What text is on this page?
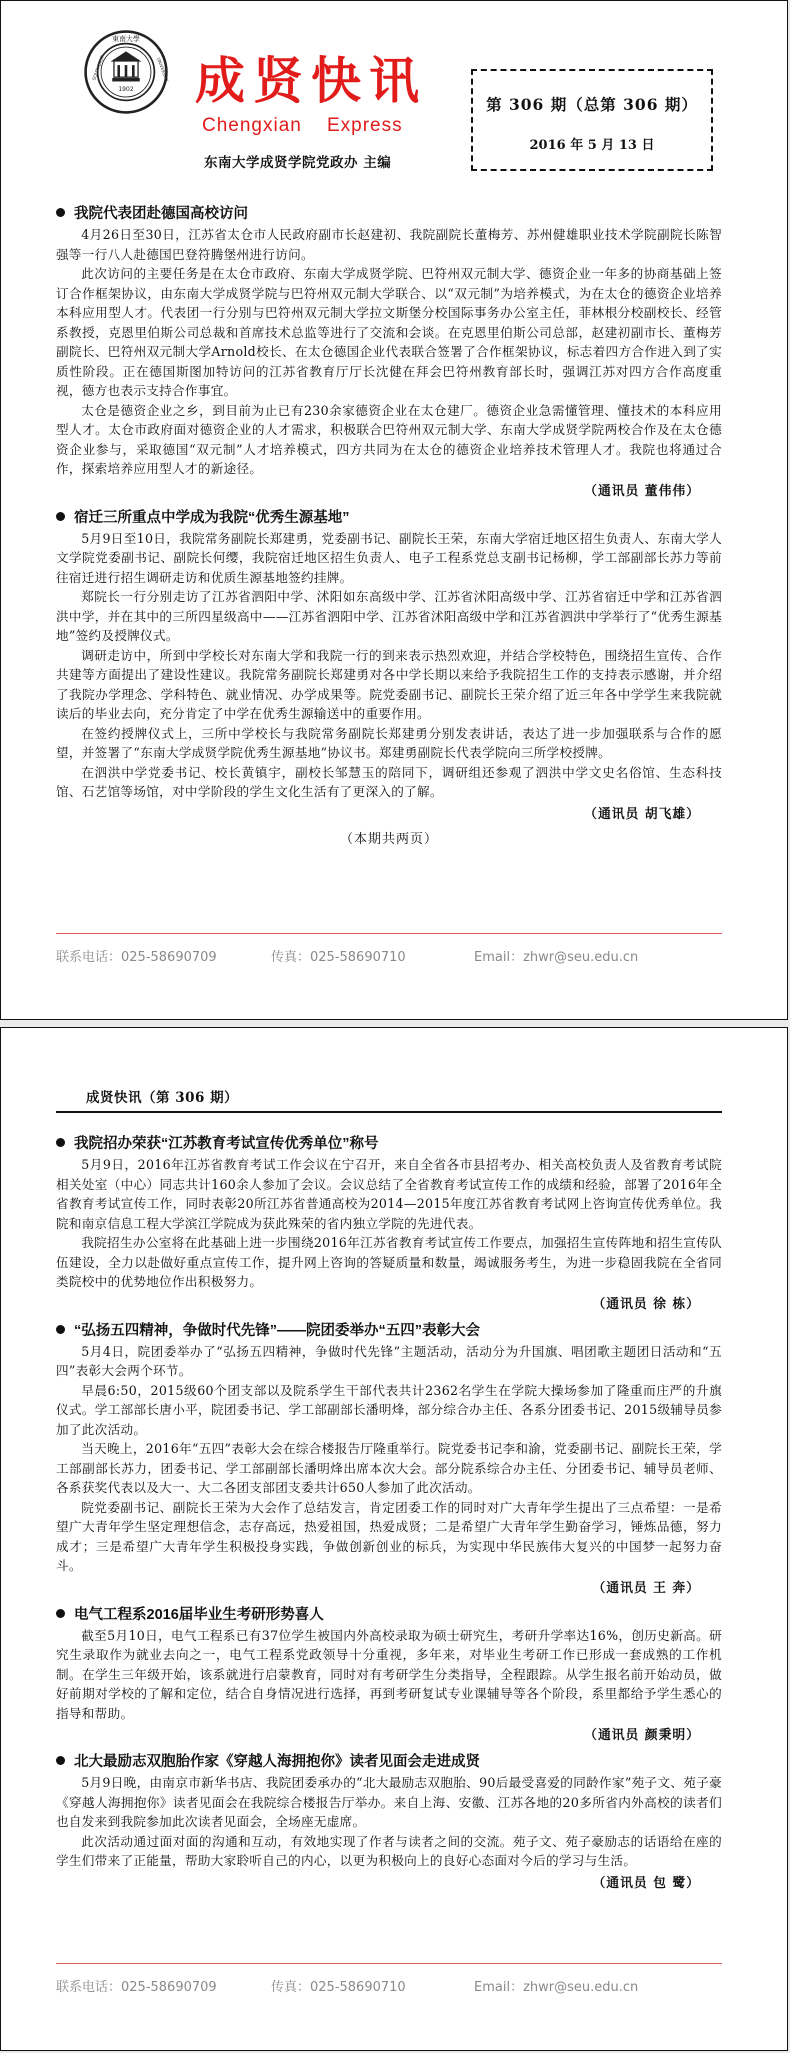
東南大學
SOUTHEAST	UNIVERSITY
1902 成贤快讯
Chengxian    Express
东南大学成贤学院党政办 主编
第 306 期（总第 306 期）
2016 年 5 月 13 日
我院代表团赴德国高校访问

4月26日至30日，江苏省太仓市人民政府副市长赵建初、我院副院长董梅芳、苏州健雄职业技术学院副院长陈智强等一行八人赴德国巴登符腾堡州进行访问。

此次访问的主要任务是在太仓市政府、东南大学成贤学院、巴符州双元制大学、德资企业一年多的协商基础上签订合作框架协议，由东南大学成贤学院与巴符州双元制大学联合、以“双元制”为培养模式，为在太仓的德资企业培养本科应用型人才。代表团一行分别与巴符州双元制大学拉文斯堡分校国际事务办公室主任，菲林根分校副校长、经管系教授，克恩里伯斯公司总裁和首席技术总监等进行了交流和会谈。在克恩里伯斯公司总部，赵建初副市长、董梅芳副院长、巴符州双元制大学Arnold校长、在太仓德国企业代表联合签署了合作框架协议，标志着四方合作进入到了实质性阶段。正在德国斯图加特访问的江苏省教育厅厅长沈健在拜会巴符州教育部长时，强调江苏对四方合作高度重视，德方也表示支持合作事宜。

太仓是德资企业之乡，到目前为止已有230余家德资企业在太仓建厂。德资企业急需懂管理、懂技术的本科应用型人才。太仓市政府面对德资企业的人才需求，积极联合巴符州双元制大学、东南大学成贤学院两校合作及在太仓德资企业参与，采取德国“双元制”人才培养模式，四方共同为在太仓的德资企业培养技术管理人才。我院也将通过合作，探索培养应用型人才的新途径。

（通讯员 董伟伟）
宿迁三所重点中学成为我院“优秀生源基地”

5月9日至10日，我院常务副院长郑建勇，党委副书记、副院长王荣，东南大学宿迁地区招生负责人、东南大学人文学院党委副书记、副院长何缨，我院宿迁地区招生负责人、电子工程系党总支副书记杨柳，学工部副部长苏力等前往宿迁进行招生调研走访和优质生源基地签约挂牌。

郑院长一行分别走访了江苏省泗阳中学、沭阳如东高级中学、江苏省沭阳高级中学、江苏省宿迁中学和江苏省泗洪中学，并在其中的三所四星级高中——江苏省泗阳中学、江苏省沭阳高级中学和江苏省泗洪中学举行了“优秀生源基地”签约及授牌仪式。

调研走访中，所到中学校长对东南大学和我院一行的到来表示热烈欢迎，并结合学校特色，围绕招生宣传、合作共建等方面提出了建设性建议。我院常务副院长郑建勇对各中学长期以来给予我院招生工作的支持表示感谢，并介绍了我院办学理念、学科特色、就业情况、办学成果等。院党委副书记、副院长王荣介绍了近三年各中学学生来我院就读后的毕业去向，充分肯定了中学在优秀生源输送中的重要作用。

在签约授牌仪式上，三所中学校长与我院常务副院长郑建勇分别发表讲话，表达了进一步加强联系与合作的愿望，并签署了“东南大学成贤学院优秀生源基地”协议书。郑建勇副院长代表学院向三所学校授牌。

在泗洪中学党委书记、校长黄镇宇，副校长邹慧玉的陪同下，调研组还参观了泗洪中学文史名俗馆、生态科技馆、石艺馆等场馆，对中学阶段的学生文化生活有了更深入的了解。

（通讯员 胡飞雄）
（本期共两页）
联系电话：025-58690709	传真：025-58690710	Email：zhwr@seu.edu.cn
成贤快讯（第 306 期）
我院招办荣获“江苏教育考试宣传优秀单位”称号

5月9日，2016年江苏省教育考试工作会议在宁召开，来自全省各市县招考办、相关高校负责人及省教育考试院相关处室（中心）同志共计160余人参加了会议。会议总结了全省教育考试宣传工作的成绩和经验，部署了2016年全省教育考试宣传工作，同时表彰20所江苏省普通高校为2014—2015年度江苏省教育考试网上咨询宣传优秀单位。我院和南京信息工程大学滨江学院成为获此殊荣的省内独立学院的先进代表。

我院招生办公室将在此基础上进一步围绕2016年江苏省教育考试宣传工作要点，加强招生宣传阵地和招生宣传队伍建设，全力以赴做好重点宣传工作，提升网上咨询的答疑质量和数量，竭诚服务考生，为进一步稳固我院在全省同类院校中的优势地位作出积极努力。

（通讯员 徐 栋）
“弘扬五四精神，争做时代先锋”——院团委举办“五四”表彰大会

5月4日，院团委举办了“弘扬五四精神，争做时代先锋”主题活动，活动分为升国旗、唱团歌主题团日活动和“五四”表彰大会两个环节。

早晨6:50，2015级60个团支部以及院系学生干部代表共计2362名学生在学院大操场参加了隆重而庄严的升旗仪式。学工部部长唐小平，院团委书记、学工部副部长潘明烽，部分综合办主任、各系分团委书记、2015级辅导员参加了此次活动。

当天晚上，2016年“五四”表彰大会在综合楼报告厅隆重举行。院党委书记李和渝，党委副书记、副院长王荣，学工部副部长苏力，团委书记、学工部副部长潘明烽出席本次大会。部分院系综合办主任、分团委书记、辅导员老师、各系获奖代表以及大一、大二各团支部团支委共计650人参加了此次活动。

院党委副书记、副院长王荣为大会作了总结发言，肯定团委工作的同时对广大青年学生提出了三点希望：一是希望广大青年学生坚定理想信念，志存高远，热爱祖国，热爱成贤；二是希望广大青年学生勤奋学习，锤炼品德，努力成才；三是希望广大青年学生积极投身实践，争做创新创业的标兵，为实现中华民族伟大复兴的中国梦一起努力奋斗。

（通讯员 王 奔）
电气工程系2016届毕业生考研形势喜人

截至5月10日，电气工程系已有37位学生被国内外高校录取为硕士研究生，考研升学率达16%，创历史新高。研究生录取作为就业去向之一，电气工程系党政领导十分重视，多年来，对毕业生考研工作已形成一套成熟的工作机制。在学生三年级开始，该系就进行启蒙教育，同时对有考研学生分类指导，全程跟踪。从学生报名前开始动员，做好前期对学校的了解和定位，结合自身情况进行选择，再到考研复试专业课辅导等各个阶段，系里都给予学生悉心的指导和帮助。

（通讯员 颜秉明）
北大最励志双胞胎作家《穿越人海拥抱你》读者见面会走进成贤

5月9日晚，由南京市新华书店、我院团委承办的“北大最励志双胞胎、90后最受喜爱的同龄作家”苑子文、苑子豪《穿越人海拥抱你》读者见面会在我院综合楼报告厅举办。来自上海、安徽、江苏各地的20多所省内外高校的读者们也自发来到我院参加此次读者见面会，全场座无虚席。

此次活动通过面对面的沟通和互动，有效地实现了作者与读者之间的交流。苑子文、苑子豪励志的话语给在座的学生们带来了正能量，帮助大家聆听自己的内心，以更为积极向上的良好心态面对今后的学习与生活。

（通讯员 包 鹭）
联系电话：025-58690709	传真：025-58690710	Email：zhwr@seu.edu.cn
